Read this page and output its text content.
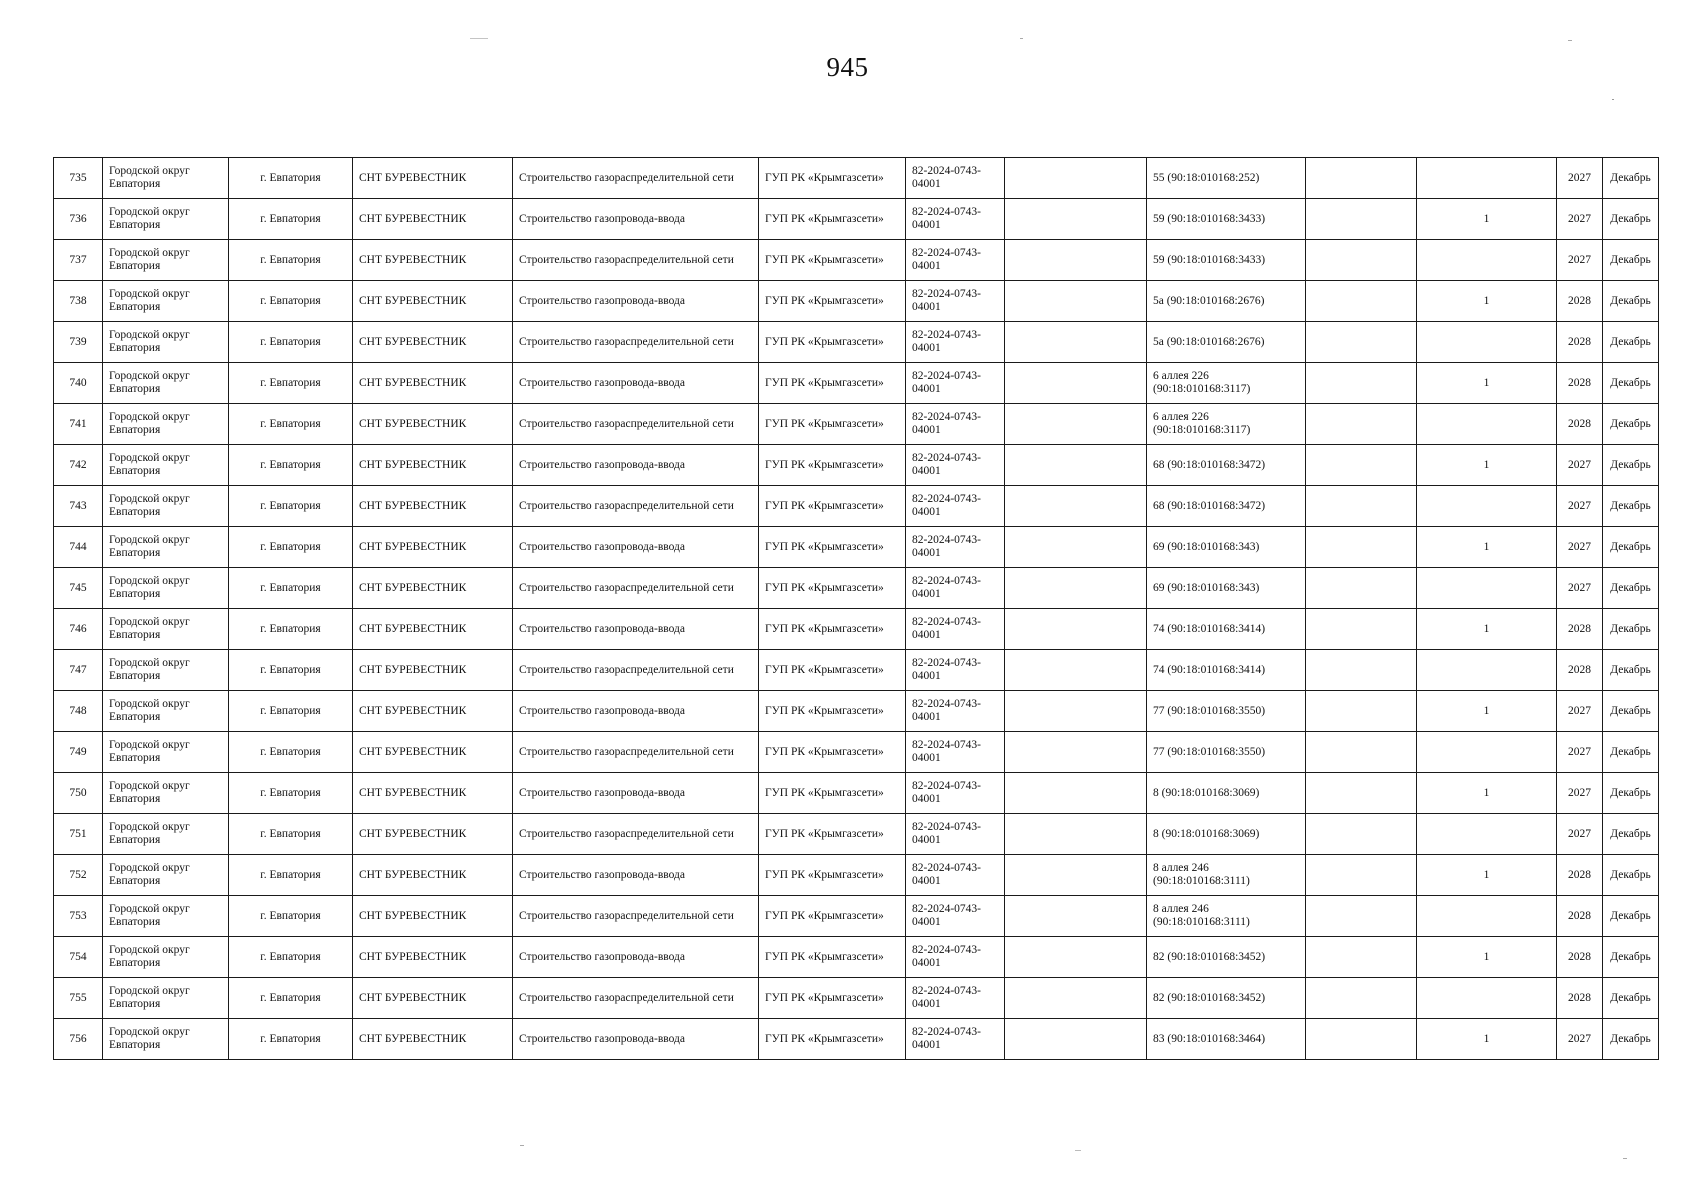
945
735	Городской округ Евпатория	г. Евпатория	СНТ БУРЕВЕСТНИК	Строительство газораспределительной сети	ГУП РК «Крымгазсети»	82-2024-0743-04001		55 (90:18:010168:252)			2027	Декабрь
736	Городской округ Евпатория	г. Евпатория	СНТ БУРЕВЕСТНИК	Строительство газопровода-ввода	ГУП РК «Крымгазсети»	82-2024-0743-04001		59 (90:18:010168:3433)		1	2027	Декабрь
737	Городской округ Евпатория	г. Евпатория	СНТ БУРЕВЕСТНИК	Строительство газораспределительной сети	ГУП РК «Крымгазсети»	82-2024-0743-04001		59 (90:18:010168:3433)			2027	Декабрь
738	Городской округ Евпатория	г. Евпатория	СНТ БУРЕВЕСТНИК	Строительство газопровода-ввода	ГУП РК «Крымгазсети»	82-2024-0743-04001		5а (90:18:010168:2676)		1	2028	Декабрь
739	Городской округ Евпатория	г. Евпатория	СНТ БУРЕВЕСТНИК	Строительство газораспределительной сети	ГУП РК «Крымгазсети»	82-2024-0743-04001		5а (90:18:010168:2676)			2028	Декабрь
740	Городской округ Евпатория	г. Евпатория	СНТ БУРЕВЕСТНИК	Строительство газопровода-ввода	ГУП РК «Крымгазсети»	82-2024-0743-04001		6 аллея 226 (90:18:010168:3117)		1	2028	Декабрь
741	Городской округ Евпатория	г. Евпатория	СНТ БУРЕВЕСТНИК	Строительство газораспределительной сети	ГУП РК «Крымгазсети»	82-2024-0743-04001		6 аллея 226 (90:18:010168:3117)			2028	Декабрь
742	Городской округ Евпатория	г. Евпатория	СНТ БУРЕВЕСТНИК	Строительство газопровода-ввода	ГУП РК «Крымгазсети»	82-2024-0743-04001		68 (90:18:010168:3472)		1	2027	Декабрь
743	Городской округ Евпатория	г. Евпатория	СНТ БУРЕВЕСТНИК	Строительство газораспределительной сети	ГУП РК «Крымгазсети»	82-2024-0743-04001		68 (90:18:010168:3472)			2027	Декабрь
744	Городской округ Евпатория	г. Евпатория	СНТ БУРЕВЕСТНИК	Строительство газопровода-ввода	ГУП РК «Крымгазсети»	82-2024-0743-04001		69 (90:18:010168:343)		1	2027	Декабрь
745	Городской округ Евпатория	г. Евпатория	СНТ БУРЕВЕСТНИК	Строительство газораспределительной сети	ГУП РК «Крымгазсети»	82-2024-0743-04001		69 (90:18:010168:343)			2027	Декабрь
746	Городской округ Евпатория	г. Евпатория	СНТ БУРЕВЕСТНИК	Строительство газопровода-ввода	ГУП РК «Крымгазсети»	82-2024-0743-04001		74 (90:18:010168:3414)		1	2028	Декабрь
747	Городской округ Евпатория	г. Евпатория	СНТ БУРЕВЕСТНИК	Строительство газораспределительной сети	ГУП РК «Крымгазсети»	82-2024-0743-04001		74 (90:18:010168:3414)			2028	Декабрь
748	Городской округ Евпатория	г. Евпатория	СНТ БУРЕВЕСТНИК	Строительство газопровода-ввода	ГУП РК «Крымгазсети»	82-2024-0743-04001		77 (90:18:010168:3550)		1	2027	Декабрь
749	Городской округ Евпатория	г. Евпатория	СНТ БУРЕВЕСТНИК	Строительство газораспределительной сети	ГУП РК «Крымгазсети»	82-2024-0743-04001		77 (90:18:010168:3550)			2027	Декабрь
750	Городской округ Евпатория	г. Евпатория	СНТ БУРЕВЕСТНИК	Строительство газопровода-ввода	ГУП РК «Крымгазсети»	82-2024-0743-04001		8 (90:18:010168:3069)		1	2027	Декабрь
751	Городской округ Евпатория	г. Евпатория	СНТ БУРЕВЕСТНИК	Строительство газораспределительной сети	ГУП РК «Крымгазсети»	82-2024-0743-04001		8 (90:18:010168:3069)			2027	Декабрь
752	Городской округ Евпатория	г. Евпатория	СНТ БУРЕВЕСТНИК	Строительство газопровода-ввода	ГУП РК «Крымгазсети»	82-2024-0743-04001		8 аллея 246 (90:18:010168:3111)		1	2028	Декабрь
753	Городской округ Евпатория	г. Евпатория	СНТ БУРЕВЕСТНИК	Строительство газораспределительной сети	ГУП РК «Крымгазсети»	82-2024-0743-04001		8 аллея 246 (90:18:010168:3111)			2028	Декабрь
754	Городской округ Евпатория	г. Евпатория	СНТ БУРЕВЕСТНИК	Строительство газопровода-ввода	ГУП РК «Крымгазсети»	82-2024-0743-04001		82 (90:18:010168:3452)		1	2028	Декабрь
755	Городской округ Евпатория	г. Евпатория	СНТ БУРЕВЕСТНИК	Строительство газораспределительной сети	ГУП РК «Крымгазсети»	82-2024-0743-04001		82 (90:18:010168:3452)			2028	Декабрь
756	Городской округ Евпатория	г. Евпатория	СНТ БУРЕВЕСТНИК	Строительство газопровода-ввода	ГУП РК «Крымгазсети»	82-2024-0743-04001		83 (90:18:010168:3464)		1	2027	Декабрь
